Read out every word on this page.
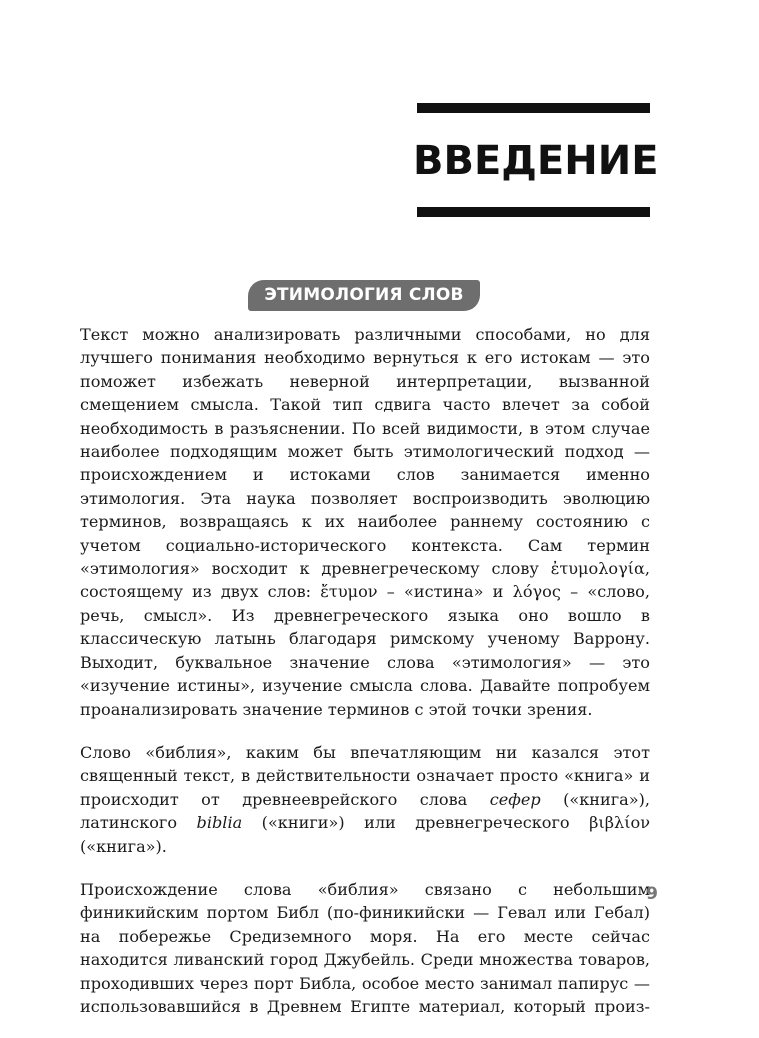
ВВЕДЕНИЕ
ЭТИМОЛОГИЯ СЛОВ

Текст можно анализировать различными способами, но для лучшего понимания необходимо вернуться к его истокам — это поможет избежать неверной интерпретации, вызванной смещением смысла. Такой тип сдвига часто влечет за собой необходимость в разъяснении. По всей видимости, в этом случае наиболее подходящим может быть этимологический подход — происхождением и истоками слов занимается именно этимология. Эта наука позволяет воспроизводить эволюцию терминов, возвращаясь к их наиболее раннему состоянию с учетом социально-исторического контекста. Сам термин «этимология» восходит к древнегреческому слову ἐτυμολογία, состоящему из двух слов: ἔτυμον – «истина» и λόγος – «слово, речь, смысл». Из древнегреческого языка оно вошло в классическую латынь благодаря римскому ученому Варрону. Выходит, буквальное значение слова «этимология» — это «изучение истины», изучение смысла слова. Давайте попробуем проанализировать значение терминов с этой точки зрения.

Слово «библия», каким бы впечатляющим ни казался этот священный текст, в действительности означает просто «книга» и происходит от древнееврейского слова сефер («книга»), латинского biblia («книги») или древнегреческого βιβλίον («книга»).

Происхождение слова «библия» связано с небольшим финикийским портом Библ (по-финикийски — Гевал или Гебал) на побережье Средиземного моря. На его месте сейчас находится ливанский город Джубейль. Среди множества товаров, проходивших через порт Библа, особое место занимал папирус — использовавшийся в Древнем Египте материал, который произ-

9
